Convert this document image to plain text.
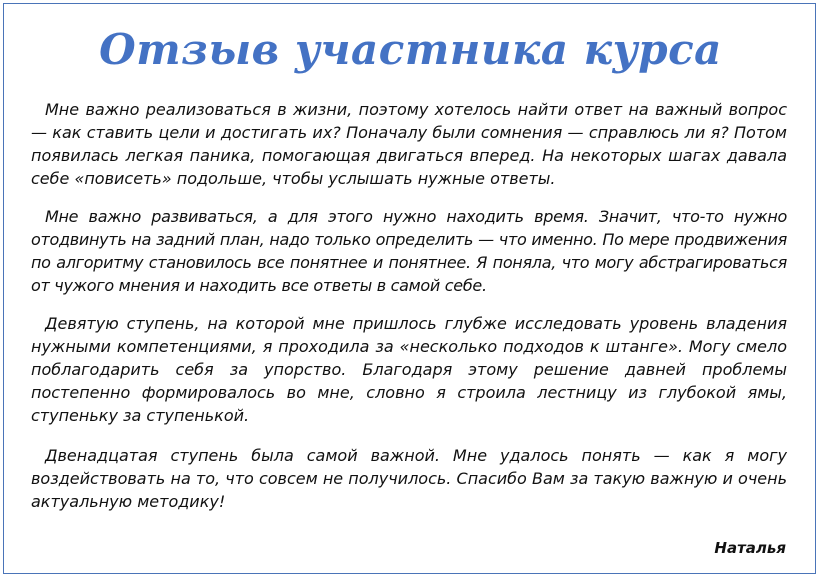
Отзыв участника курса

Мне важно реализоваться в жизни, поэтому хотелось найти ответ на важный вопрос — как ставить цели и достигать их? Поначалу были сомнения — справлюсь ли я? Потом появилась легкая паника, помогающая двигаться вперед. На некоторых шагах давала себе «повисеть» подольше, чтобы услышать нужные ответы.

Мне важно развиваться, а для этого нужно находить время. Значит, что-то нужно отодвинуть на задний план, надо только определить — что именно. По мере продвижения по алгоритму становилось все понятнее и понятнее. Я поняла, что могу абстрагироваться от чужого мнения и находить все ответы в самой себе.

Девятую ступень, на которой мне пришлось глубже исследовать уровень владения нужными компетенциями, я проходила за «несколько подходов к штанге». Могу смело поблагодарить себя за упорство. Благодаря этому решение давней проблемы постепенно формировалось во мне, словно я строила лестницу из глубокой ямы, ступеньку за ступенькой.

Двенадцатая ступень была самой важной. Мне удалось понять — как я могу воздействовать на то, что совсем не получилось. Спасибо Вам за такую важную и очень актуальную методику!

Наталья
